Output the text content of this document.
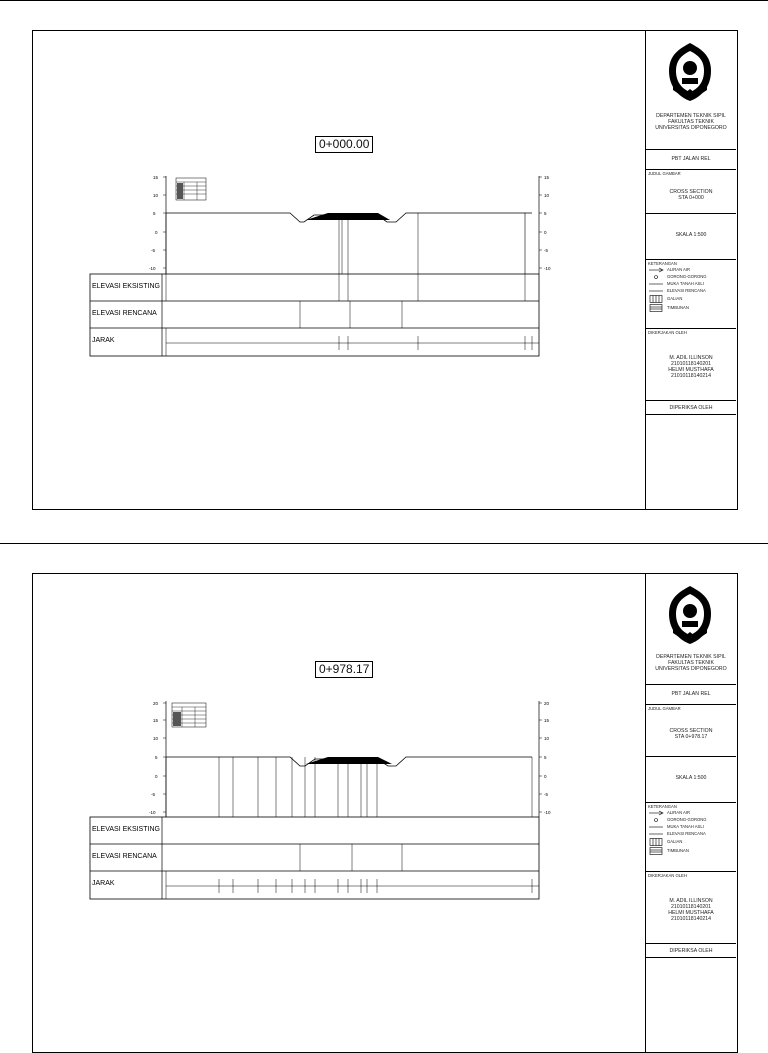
0+000.00
15
10
5
0
-5
-10
15
10
5
0
-5
-10
ELEVASI EKSISTING
ELEVASI RENCANA
JARAK
DEPARTEMEN TEKNIK SIPIL
FAKULTAS TEKNIK
UNIVERSITAS DIPONEGORO
PBT JALAN REL
JUDUL GAMBAR
CROSS SECTION
STA 0+000
SKALA 1:500
KETERANGAN
ALIRAN AIR
GORONG-GORONG
MUKA TANAH ASLI
ELEVASI RENCANA
GALIAN
TIMBUNAN
DIKERJAKAN OLEH
M. ADIL ILLINSON
21010118140201
HELMI MUSTHAFA
21010118140214
DIPERIKSA OLEH
0+978.17
20
15
10
5
0
-5
-10
20
15
10
5
0
-5
-10
ELEVASI EKSISTING
ELEVASI RENCANA
JARAK
DEPARTEMEN TEKNIK SIPIL
FAKULTAS TEKNIK
UNIVERSITAS DIPONEGORO
PBT JALAN REL
JUDUL GAMBAR
CROSS SECTION
STA 0+978.17
SKALA 1:500
KETERANGAN
ALIRAN AIR
GORONG-GORONG
MUKA TANAH ASLI
ELEVASI RENCANA
GALIAN
TIMBUNAN
DIKERJAKAN OLEH
M. ADIL ILLINSON
21010118140201
HELMI MUSTHAFA
21010118140214
DIPERIKSA OLEH
